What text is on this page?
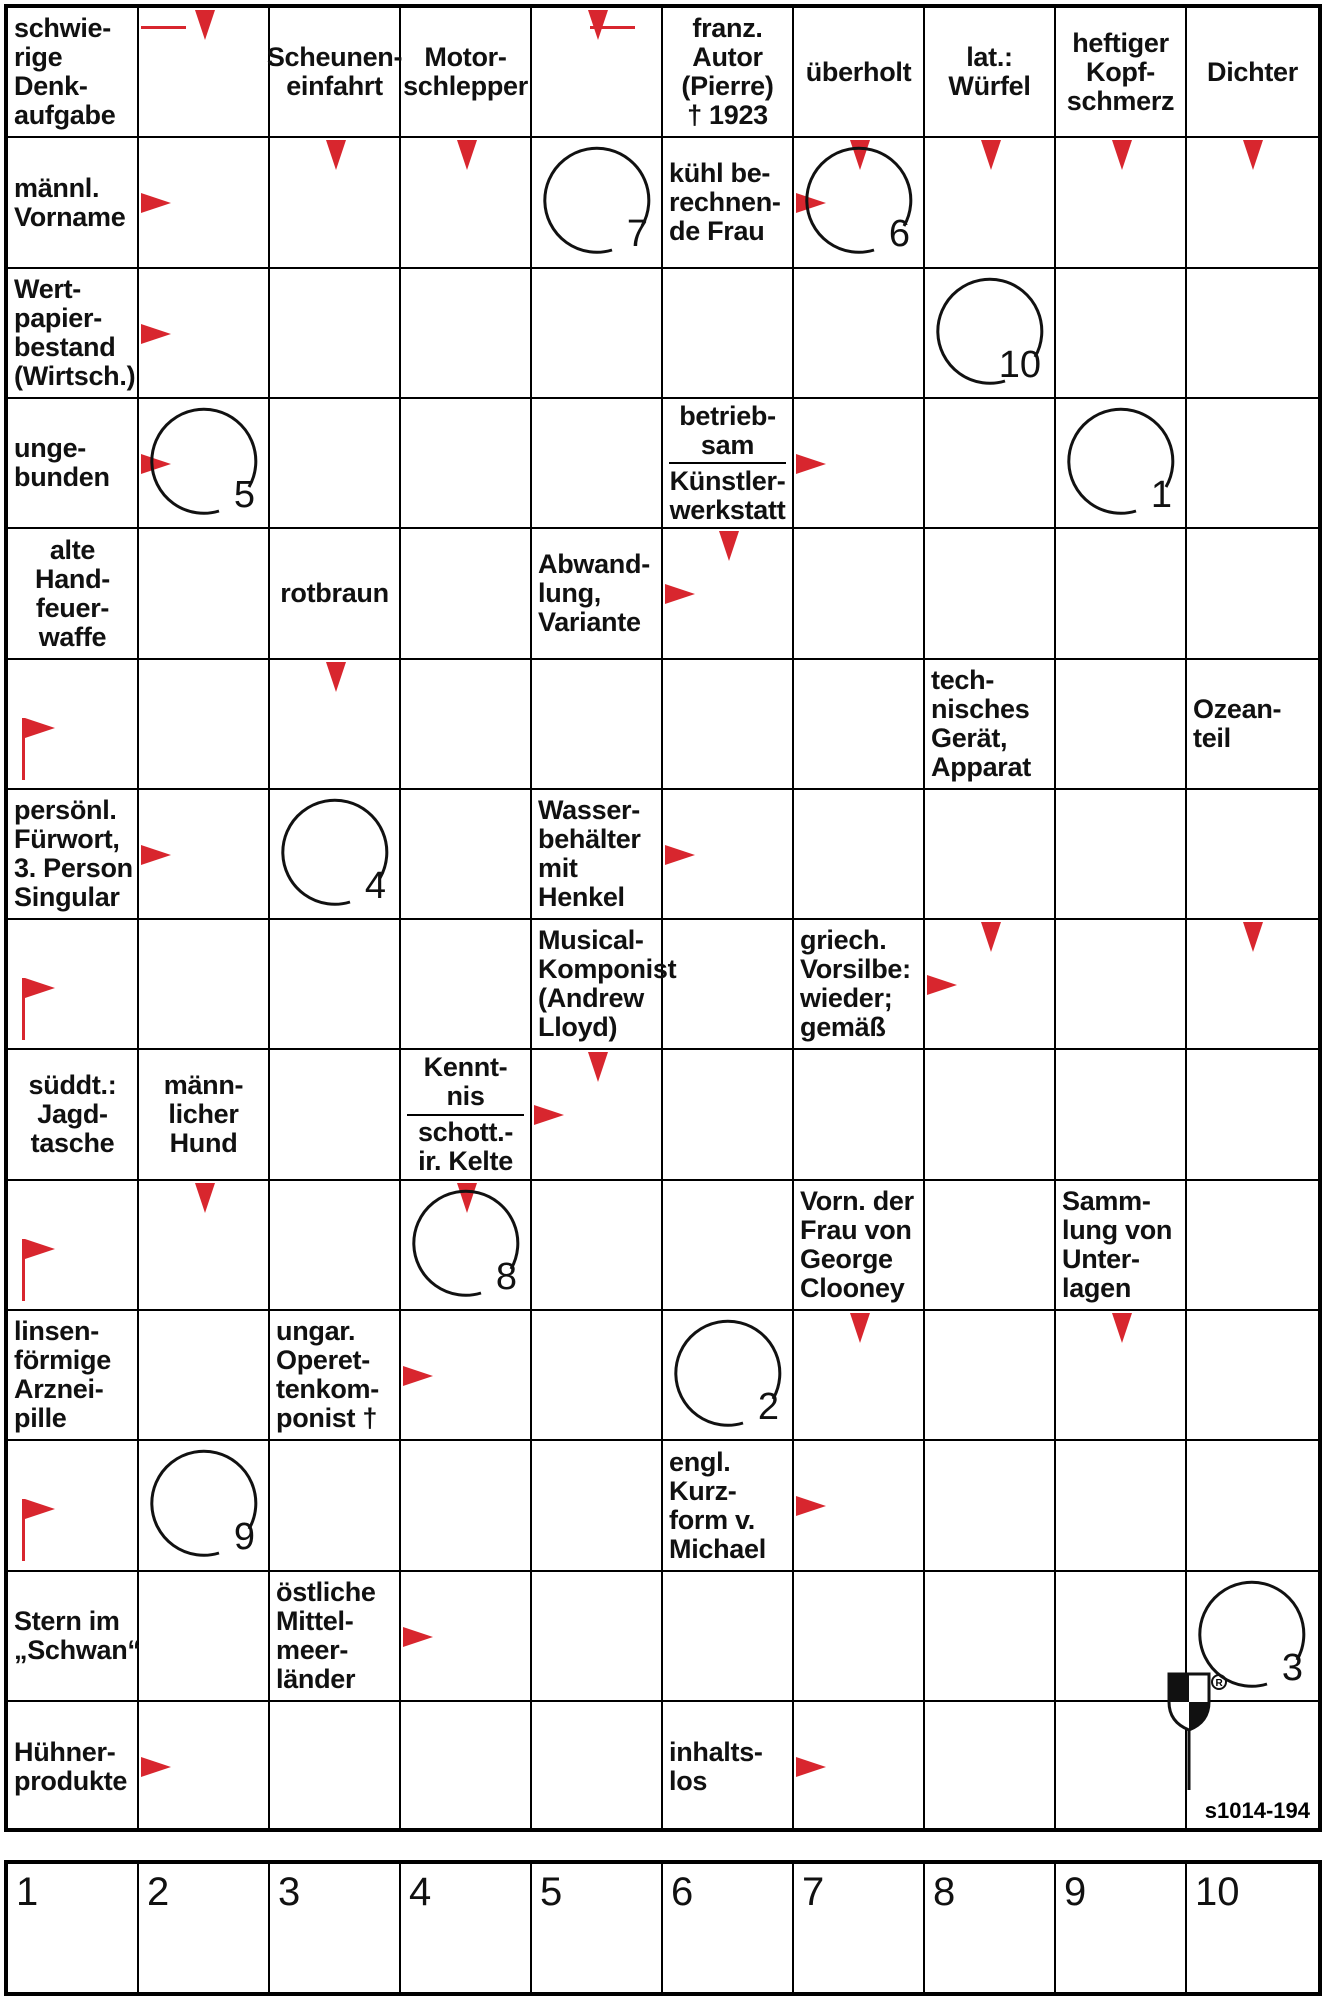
schwie-
rige
Denk-
aufgabe
Scheunen-
einfahrt
Motor-
schlepper
franz.
Autor
(Pierre)
† 1923
überholt lat.:
Würfel
heftiger
Kopf-
schmerz
Dichter
männl.
Vorname
kühl be-
rechnen-
de Frau
Wert-
papier-
bestand
(Wirtsch.)
unge-
bunden
betrieb-
sam
Künstler-
werkstatt
alte
Hand-
feuer-
waffe
rotbraun
Abwand-
lung,
Variante
tech-
nisches
Gerät,
Apparat
Ozean-
teil
persönl.
Fürwort,
3. Person
Singular
Wasser-
behälter
mit
Henkel
Musical-
Komponist
(Andrew
Lloyd)
griech.
Vorsilbe:
wieder;
gemäß
süddt.:
Jagd-
tasche
männ-
licher
Hund
Kennt-
nis
schott.-
ir. Kelte
Vorn. der
Frau von
George
Clooney
Samm-
lung von
Unter-
lagen
linsen-
förmige
Arznei-
pille
ungar.
Operet-
tenkom-
ponist †
engl.
Kurz-
form v.
Michael
Stern im
„Schwan“
östliche
Mittel-
meer-
länder
Hühner-
produkte
inhalts-
los
7	6
10
5	1
4
8
2
9
3
R
s1014-194
1	2	3	4	5	6	7	8	9	10
